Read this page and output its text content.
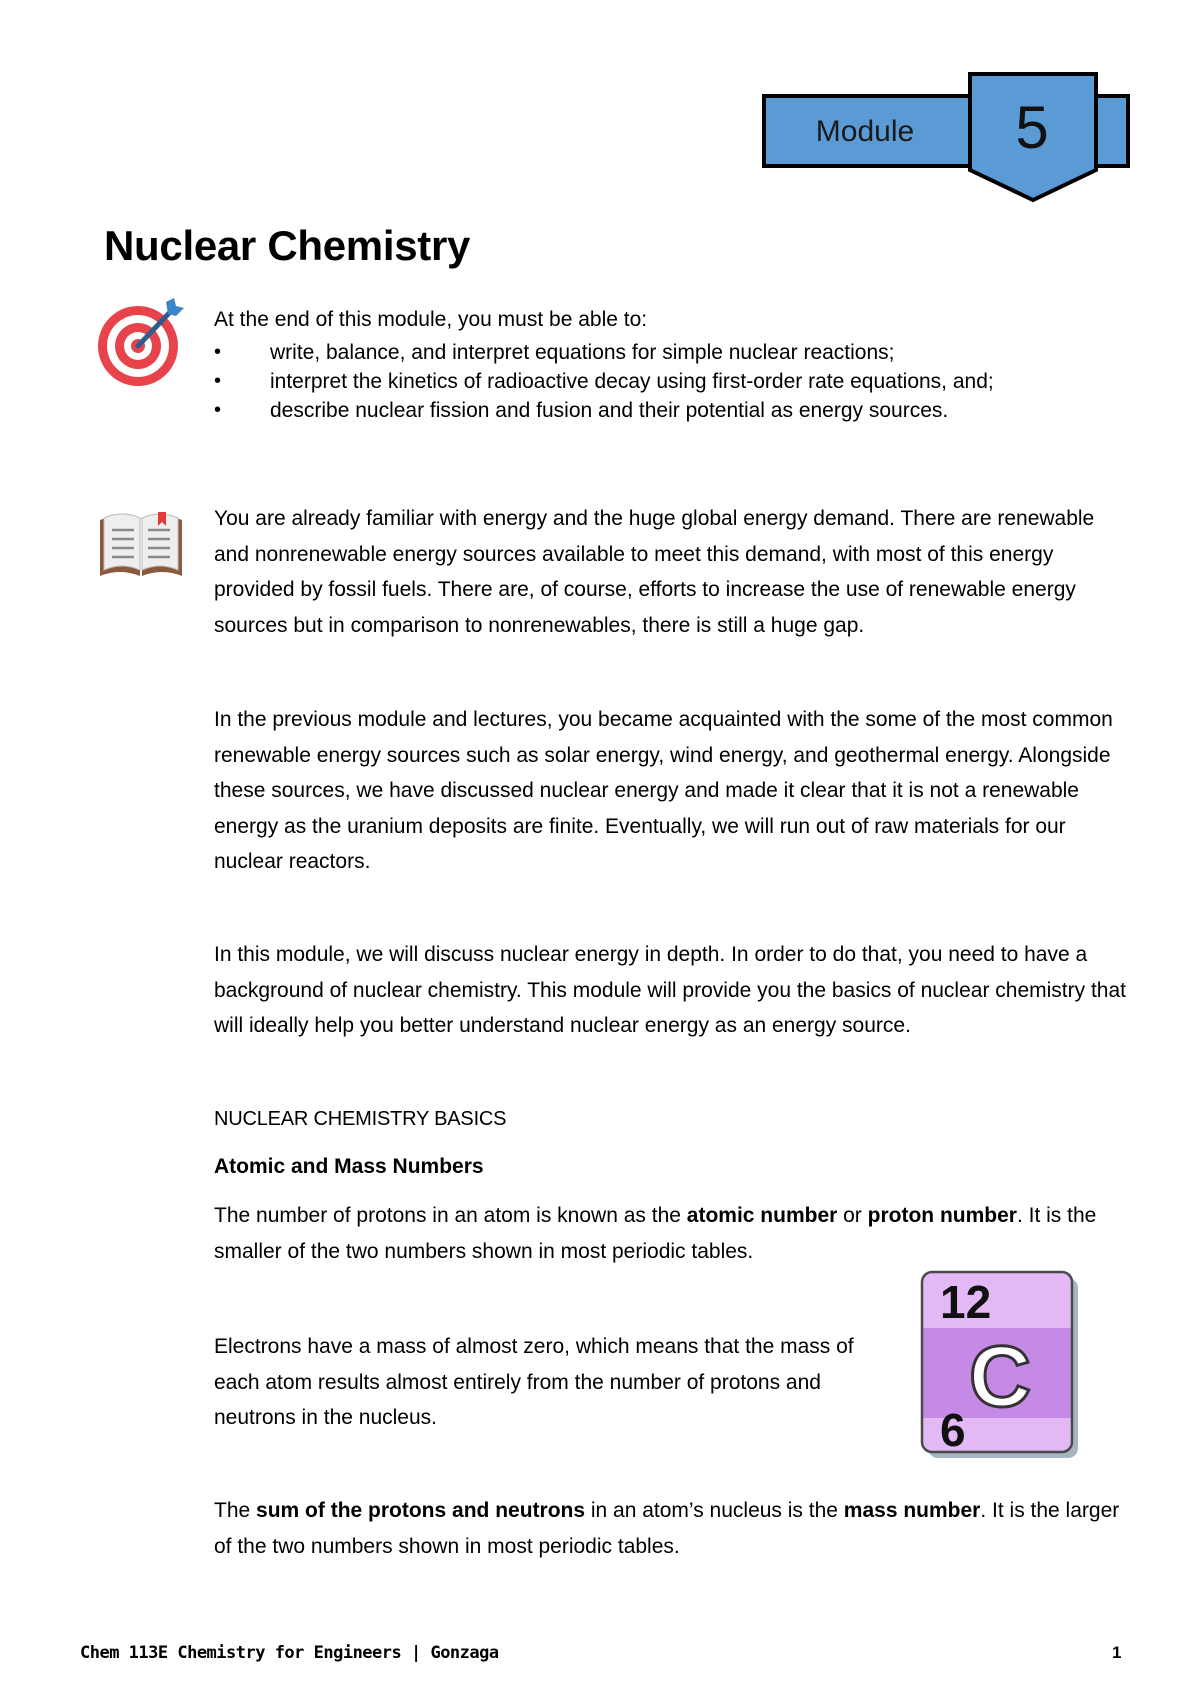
Module	5
Nuclear Chemistry

At the end of this module, you must be able to:

• write, balance, and interpret equations for simple nuclear reactions;
• interpret the kinetics of radioactive decay using first-order rate equations, and;
• describe nuclear fission and fusion and their potential as energy sources.

You are already familiar with energy and the huge global energy demand. There are renewable and nonrenewable energy sources available to meet this demand, with most of this energy provided by fossil fuels. There are, of course, efforts to increase the use of renewable energy sources but in comparison to nonrenewables, there is still a huge gap.

In the previous module and lectures, you became acquainted with the some of the most common renewable energy sources such as solar energy, wind energy, and geothermal energy. Alongside these sources, we have discussed nuclear energy and made it clear that it is not a renewable energy as the uranium deposits are finite. Eventually, we will run out of raw materials for our nuclear reactors.

In this module, we will discuss nuclear energy in depth. In order to do that, you need to have a background of nuclear chemistry. This module will provide you the basics of nuclear chemistry that will ideally help you better understand nuclear energy as an energy source.

NUCLEAR CHEMISTRY BASICS
Atomic and Mass Numbers

The number of protons in an atom is known as the atomic number or proton number. It is the smaller of the two numbers shown in most periodic tables.

Electrons have a mass of almost zero, which means that the mass of each atom results almost entirely from the number of protons and neutrons in the nucleus.

12
C
6

The sum of the protons and neutrons in an atom’s nucleus is the mass number. It is the larger of the two numbers shown in most periodic tables.

Chem 113E Chemistry for Engineers | Gonzaga	1
